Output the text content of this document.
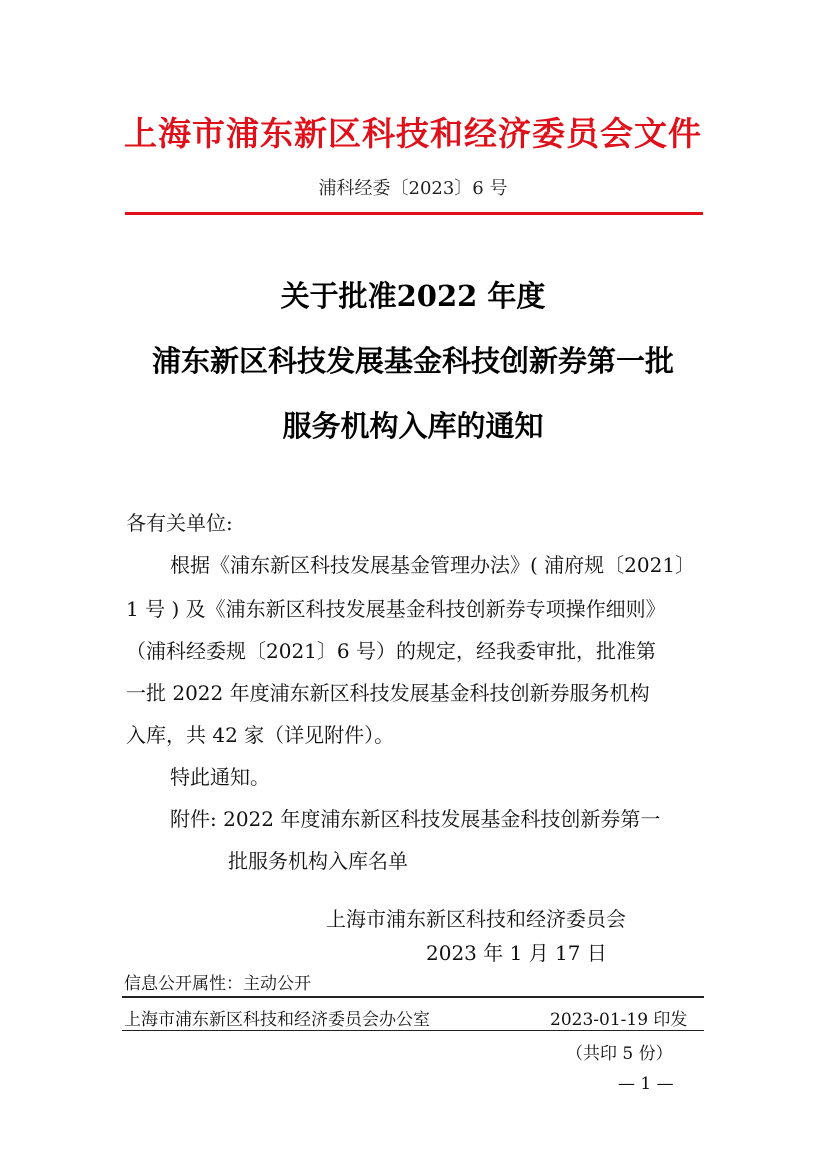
上海市浦东新区科技和经济委员会文件
浦科经委〔2023〕6 号
关于批准2022 年度
浦东新区科技发展基金科技创新券第一批
服务机构入库的通知
各有关单位:
根据《浦东新区科技发展基金管理办法》( 浦府规〔2021〕
1 号 ) 及《浦东新区科技发展基金科技创新券专项操作细则》
（浦科经委规〔2021〕6 号）的规定，经我委审批，批准第
一批 2022 年度浦东新区科技发展基金科技创新券服务机构
入库，共 42 家（详见附件）。
特此通知。
附件: 2022 年度浦东新区科技发展基金科技创新券第一
批服务机构入库名单
上海市浦东新区科技和经济委员会
2023 年 1 月 17 日
信息公开属性：主动公开
上海市浦东新区科技和经济委员会办公室	2023-01-19 印发
（共印 5 份）
— 1 —
